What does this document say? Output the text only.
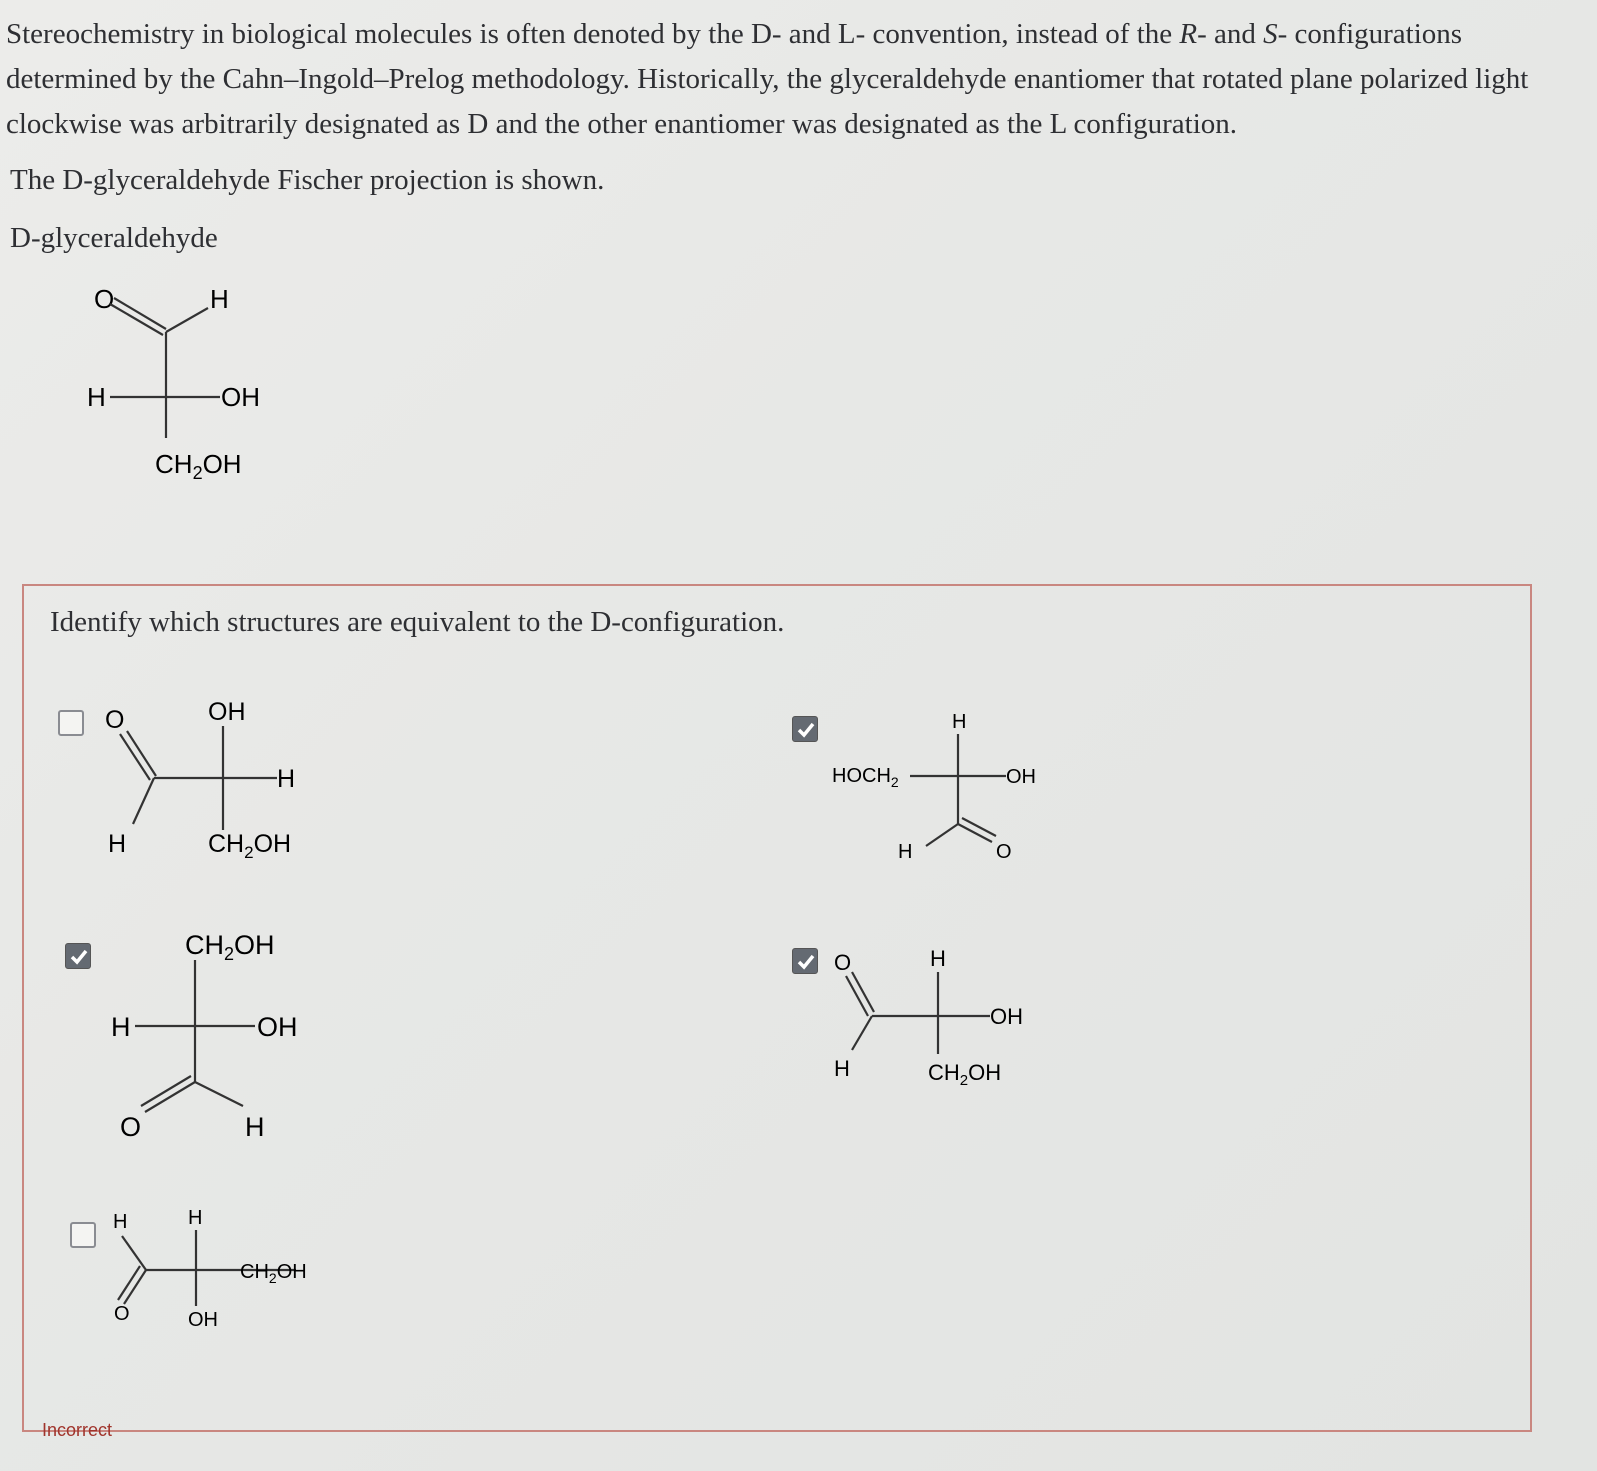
Stereochemistry in biological molecules is often denoted by the D- and L- convention, instead of the R- and S- configurations determined by the Cahn–Ingold–Prelog methodology. Historically, the glyceraldehyde enantiomer that rotated plane polarized light clockwise was arbitrarily designated as D and the other enantiomer was designated as the L configuration.

The D-glyceraldehyde Fischer projection is shown.
D-glyceraldehyde
O	H
H	OH
$CH_2OH$
Identify which structures are equivalent to the D-configuration.
O	OH
H
H	$CH_2OH$
$CH_2OH$
H	OH
O	H
H	H
$CH_2OH$
O	OH
H
$HOCH_2$	OH
H	O
O	H
OH
H	$CH_2OH$
Incorrect
